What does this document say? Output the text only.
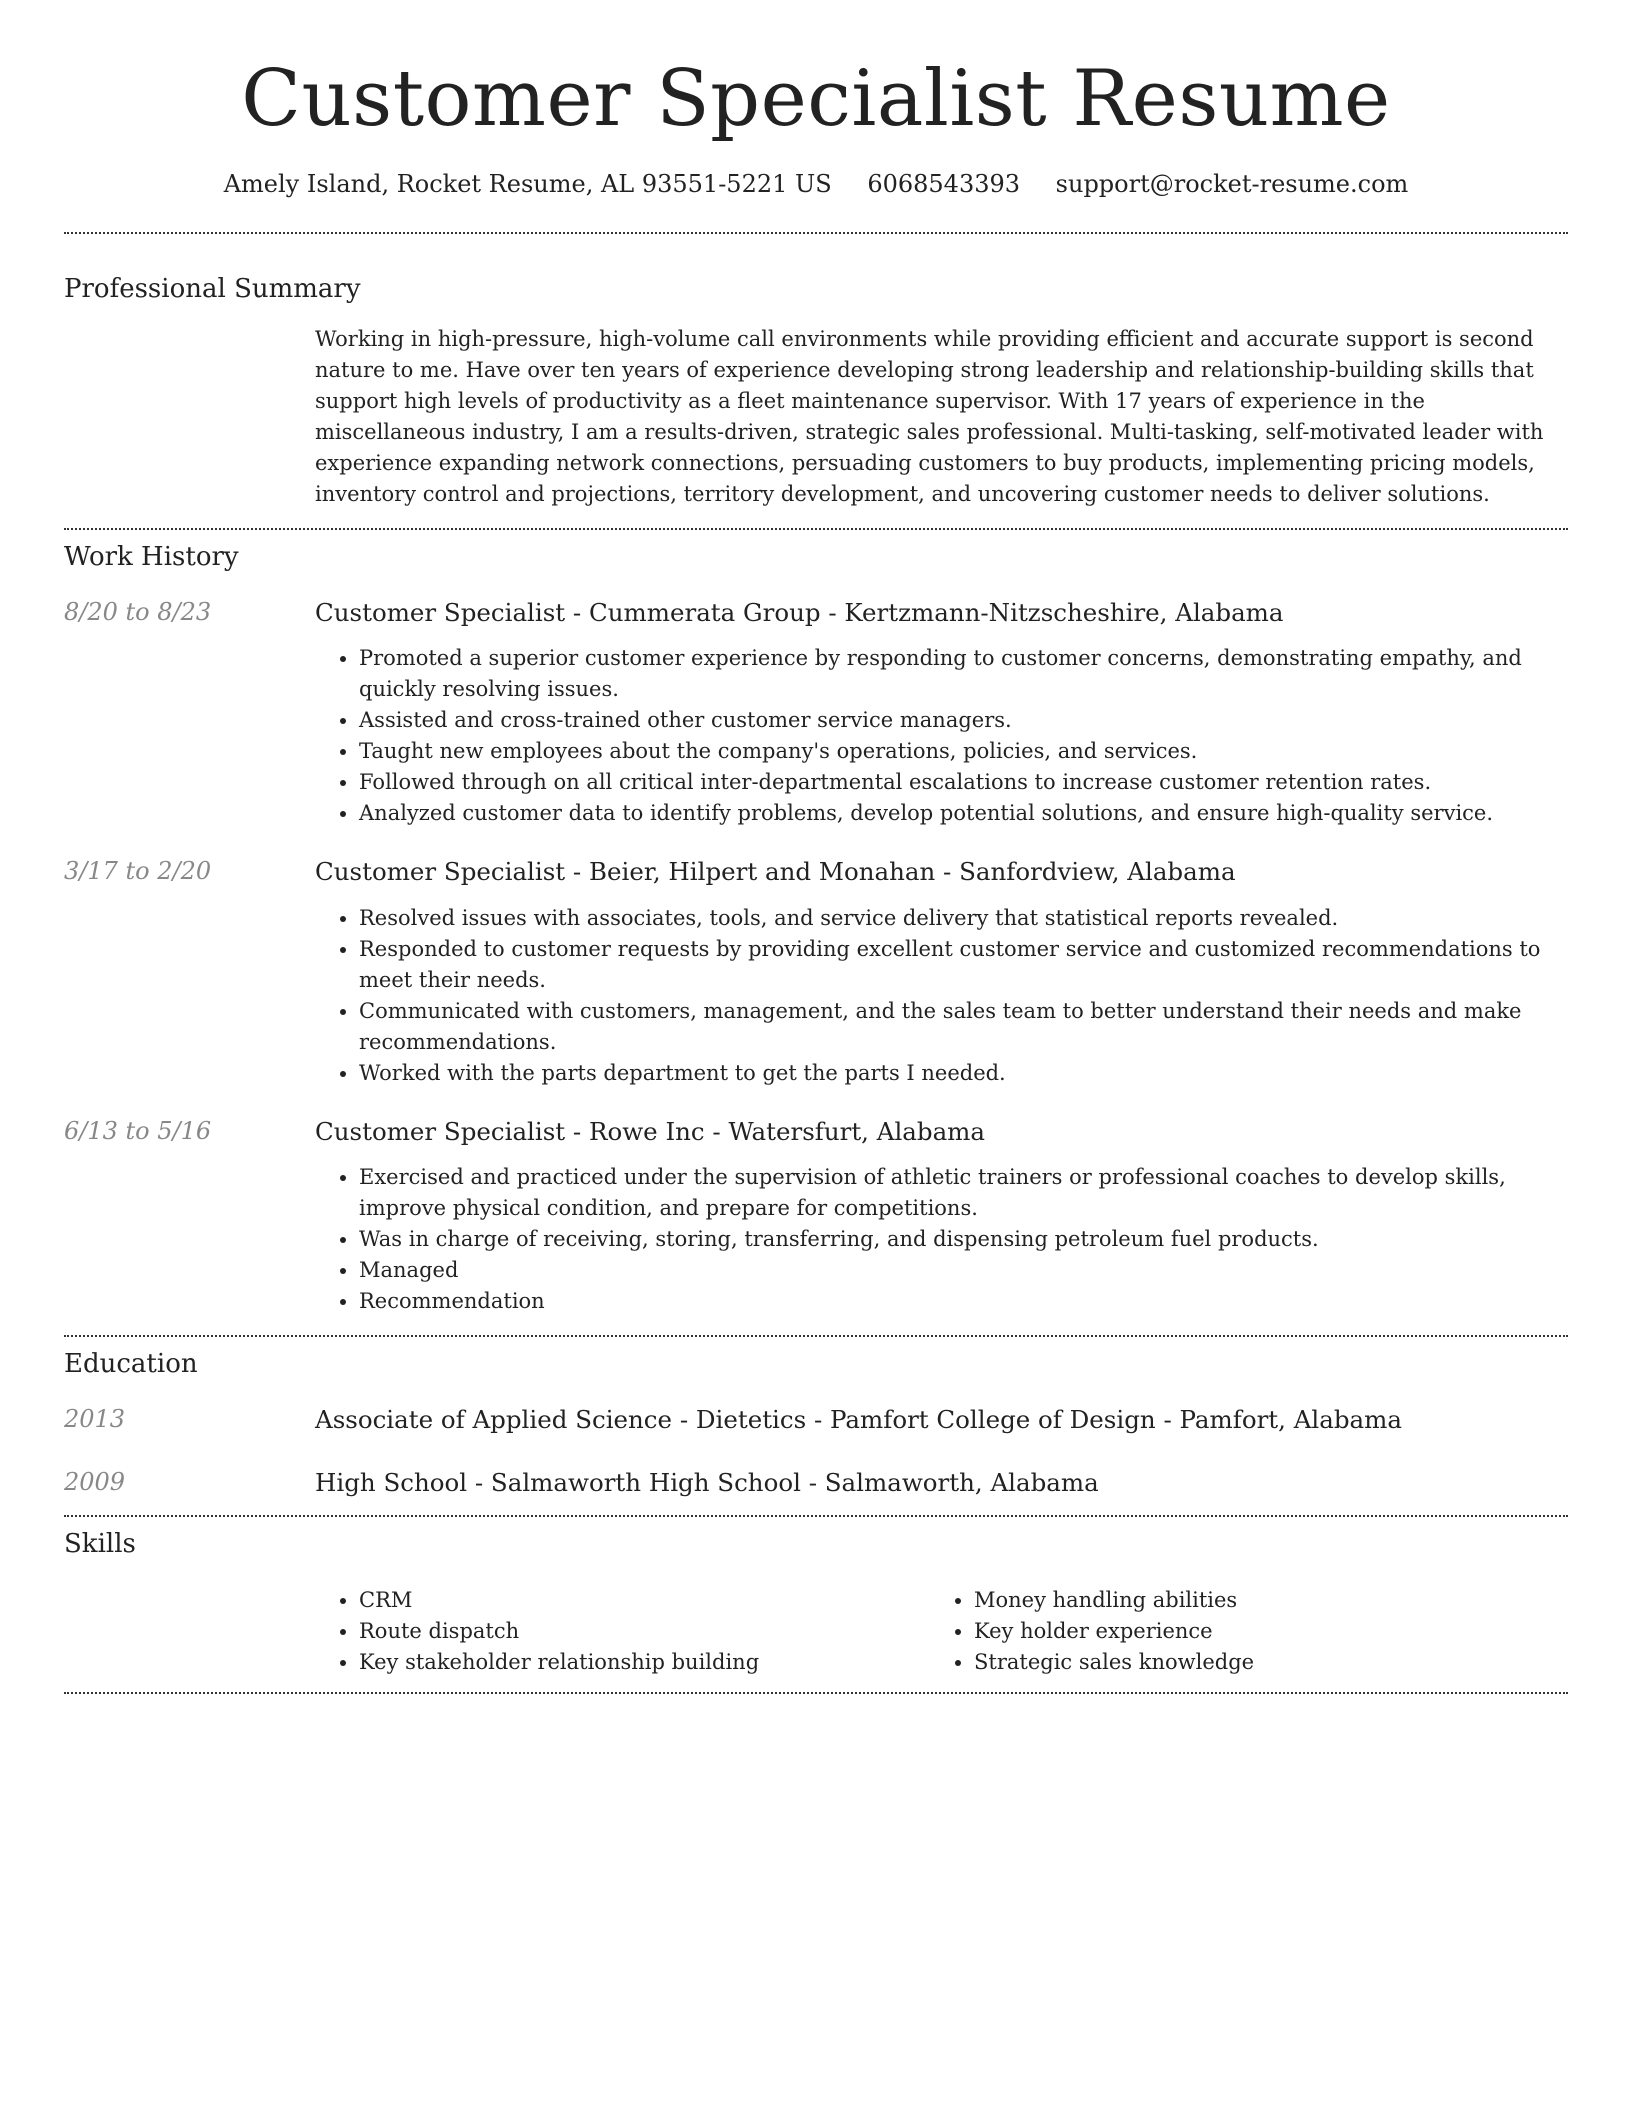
Customer Specialist Resume
Amely Island, Rocket Resume, AL 93551-5221 US 6068543393 support@rocket-resume.com
Professional Summary

Working in high-pressure, high-volume call environments while providing efficient and accurate support is second nature to me. Have over ten years of experience developing strong leadership and relationship-building skills that support high levels of productivity as a fleet maintenance supervisor. With 17 years of experience in the miscellaneous industry, I am a results-driven, strategic sales professional. Multi-tasking, self-motivated leader with experience expanding network connections, persuading customers to buy products, implementing pricing models, inventory control and projections, territory development, and uncovering customer needs to deliver solutions.

Work History
8/20 to 8/23	Customer Specialist - Cummerata Group - Kertzmann-Nitzscheshire, Alabama
• Promoted a superior customer experience by responding to customer concerns, demonstrating empathy, and quickly resolving issues.
• Assisted and cross-trained other customer service managers.
• Taught new employees about the company's operations, policies, and services.
• Followed through on all critical inter-departmental escalations to increase customer retention rates.
• Analyzed customer data to identify problems, develop potential solutions, and ensure high-quality service.
3/17 to 2/20	Customer Specialist - Beier, Hilpert and Monahan - Sanfordview, Alabama
• Resolved issues with associates, tools, and service delivery that statistical reports revealed.
• Responded to customer requests by providing excellent customer service and customized recommendations to meet their needs.
• Communicated with customers, management, and the sales team to better understand their needs and make recommendations.
• Worked with the parts department to get the parts I needed.
6/13 to 5/16	Customer Specialist - Rowe Inc - Watersfurt, Alabama
• Exercised and practiced under the supervision of athletic trainers or professional coaches to develop skills, improve physical condition, and prepare for competitions.
• Was in charge of receiving, storing, transferring, and dispensing petroleum fuel products.
• Managed
• Recommendation
Education
2013	Associate of Applied Science - Dietetics - Pamfort College of Design - Pamfort, Alabama
2009	High School - Salmaworth High School - Salmaworth, Alabama
Skills
• CRM
• Route dispatch
• Key stakeholder relationship building
• Money handling abilities
• Key holder experience
• Strategic sales knowledge
